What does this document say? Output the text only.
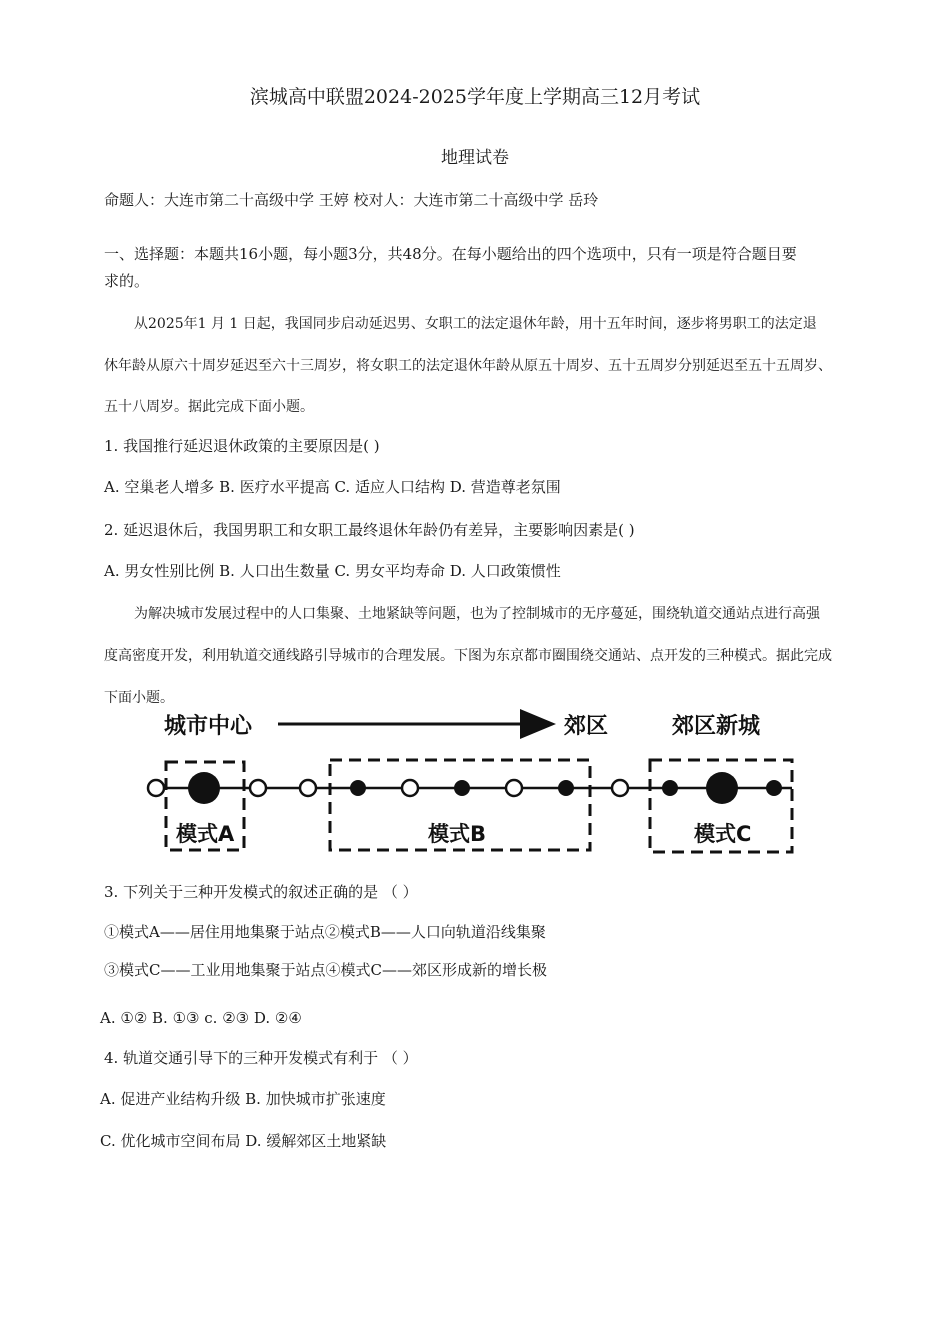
滨城高中联盟2024-2025学年度上学期高三12月考试
地理试卷
命题人：大连市第二十高级中学 王婷 校对人：大连市第二十高级中学 岳玲
一、选择题：本题共16小题，每小题3分，共48分。在每小题给出的四个选项中，只有一项是符合题目要
求的。
从2025年1 月 1 日起，我国同步启动延迟男、女职工的法定退休年龄，用十五年时间，逐步将男职工的法定退
休年龄从原六十周岁延迟至六十三周岁，将女职工的法定退休年龄从原五十周岁、五十五周岁分别延迟至五十五周岁、
五十八周岁。据此完成下面小题。
1. 我国推行延迟退休政策的主要原因是( )
A. 空巢老人增多 B. 医疗水平提高 C. 适应人口结构 D. 营造尊老氛围
2. 延迟退休后，我国男职工和女职工最终退休年龄仍有差异，主要影响因素是( )
A. 男女性别比例 B. 人口出生数量 C. 男女平均寿命 D. 人口政策惯性
为解决城市发展过程中的人口集聚、土地紧缺等问题，也为了控制城市的无序蔓延，围绕轨道交通站点进行高强
度高密度开发，利用轨道交通线路引导城市的合理发展。下图为东京都市圈围绕交通站、点开发的三种模式。据此完成
下面小题。
城市中心	郊区	郊区新城
模式A	模式B	模式C
3. 下列关于三种开发模式的叙述正确的是 （ ）
①模式A——居住用地集聚于站点②模式B——人口向轨道沿线集聚
③模式C——工业用地集聚于站点④模式C——郊区形成新的增长极
A. ①② B. ①③ c. ②③ D. ②④
4. 轨道交通引导下的三种开发模式有利于 （ ）
A. 促进产业结构升级 B. 加快城市扩张速度
C. 优化城市空间布局 D. 缓解郊区土地紧缺
